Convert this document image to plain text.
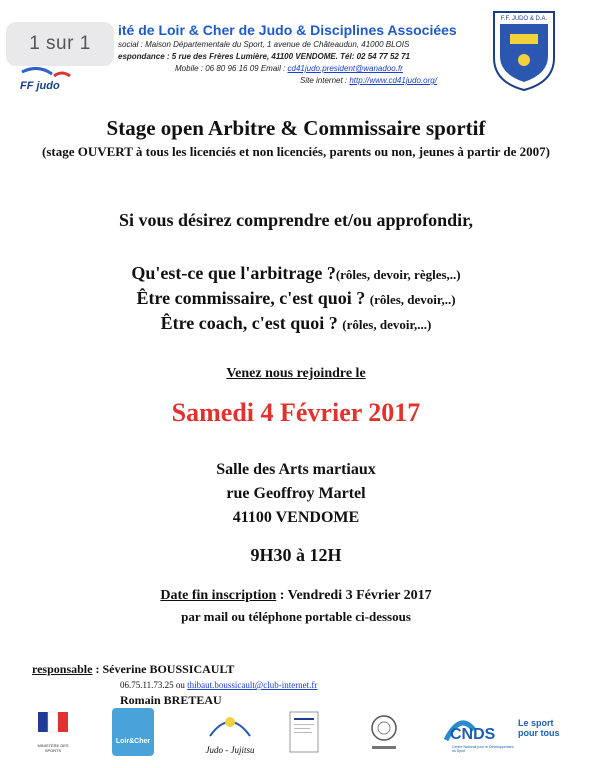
1 sur 1
FF judo
ité de Loir & Cher de Judo & Disciplines Associées
social : Maison Départementale du Sport, 1 avenue de Châteaudun, 41000 BLOIS
espondance : 5 rue des Frères Lumière, 41100 VENDOME. Tél: 02 54 77 52 71
Mobile : 06 80 96 16 09 Email : cd41judo.president@wanadoo.fr
Site internet : http://www.cd41judo.org/
F.F. JUDO & D.A.
Stage open Arbitre & Commissaire sportif
(stage OUVERT à tous les licenciés et non licenciés, parents ou non, jeunes à partir de 2007)
Si vous désirez comprendre et/ou approfondir,
Qu'est-ce que l'arbitrage ?(rôles, devoir, règles,..)
Être commissaire, c'est quoi ? (rôles, devoir,..)
Être coach, c'est quoi ? (rôles, devoir,...)
Venez nous rejoindre le
Samedi 4 Février 2017
Salle des Arts martiaux
rue Geoffroy Martel
41100 VENDOME
9H30 à 12H
Date fin inscription : Vendredi 3 Février 2017
par mail ou téléphone portable ci-dessous
responsable : Séverine BOUSSICAULT
06.75.11.73.25 ou thibaut.boussicault@club-internet.fr
Romain BRETEAU
MINISTÈRE DES SPORTS
Loir&Cher
Judo - Jujitsu
CNDS
Le sport pour tous
Centre National pour le Développement du Sport
